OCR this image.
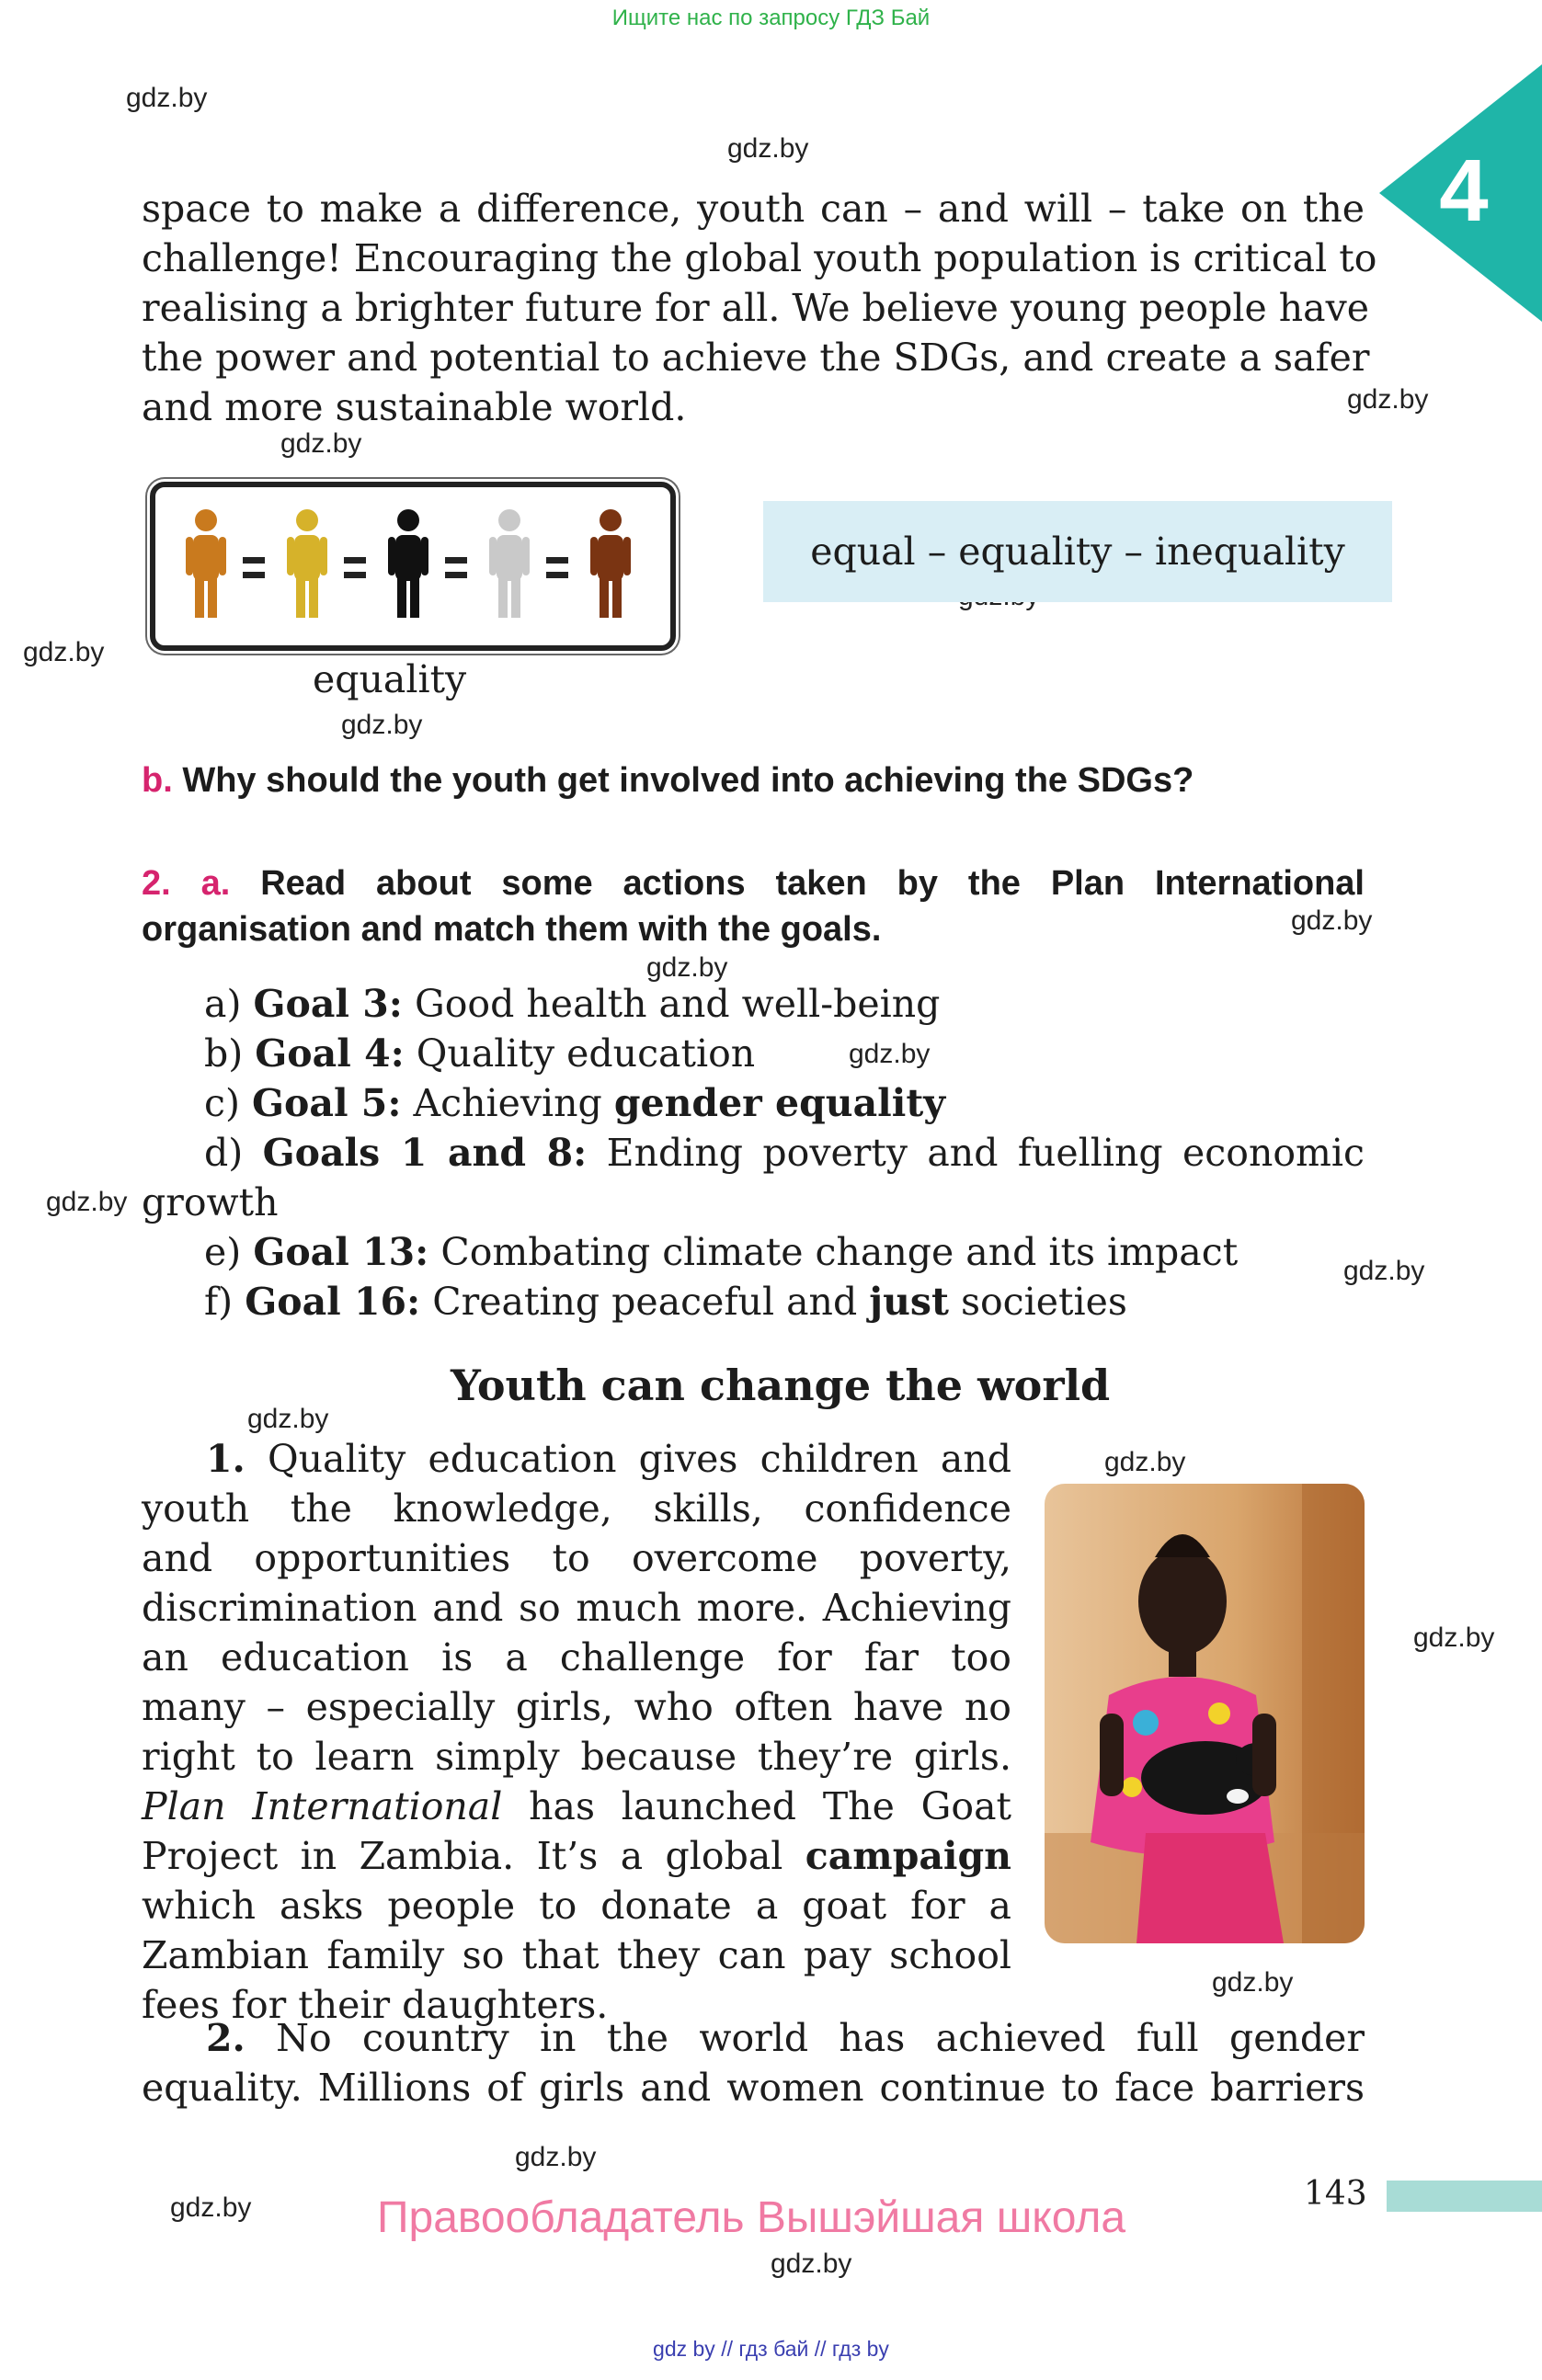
Ищите нас по запросу ГДЗ Бай
4
gdz.by
gdz.by
gdz.by
gdz.by
gdz.by
gdz.by
gdz.by
gdz.by
gdz.by
gdz.by
gdz.by
gdz.by
gdz.by
gdz.by
gdz.by
gdz.by
gdz.by
gdz.by
space to make a difference, youth can – and will – take on the
challenge! Encouraging the global youth population is critical to
realising a brighter future for all. We believe young people have
the power and potential to achieve the SDGs, and create a safer
and more sustainable world.
equality
equal – equality – inequality
b. Why should the youth get involved into achieving the SDGs?
2. a. Read about some actions taken by the Plan International
organisation and match them with the goals.
a) Goal 3: Good health and well-being
b) Goal 4: Quality education
c) Goal 5: Achieving gender equality
d) Goals 1 and 8: Ending poverty and fuelling economic
growth
e) Goal 13: Combating climate change and its impact
f) Goal 16: Creating peaceful and just societies
Youth can change the world
1. Quality education gives children and
youth the knowledge, skills, confidence
and opportunities to overcome poverty,
discrimination and so much more. Achieving
an education is a challenge for far too
many – especially girls, who often have no
right to learn simply because they’re girls.
Plan International has launched The Goat
Project in Zambia. It’s a global campaign
which asks people to donate a goat for a
Zambian family so that they can pay school
fees for their daughters.
2. No country in the world has achieved full gender
equality. Millions of girls and women continue to face barriers
143
Правообладатель Вышэйшая школа
gdz by // гдз бай // гдз by
